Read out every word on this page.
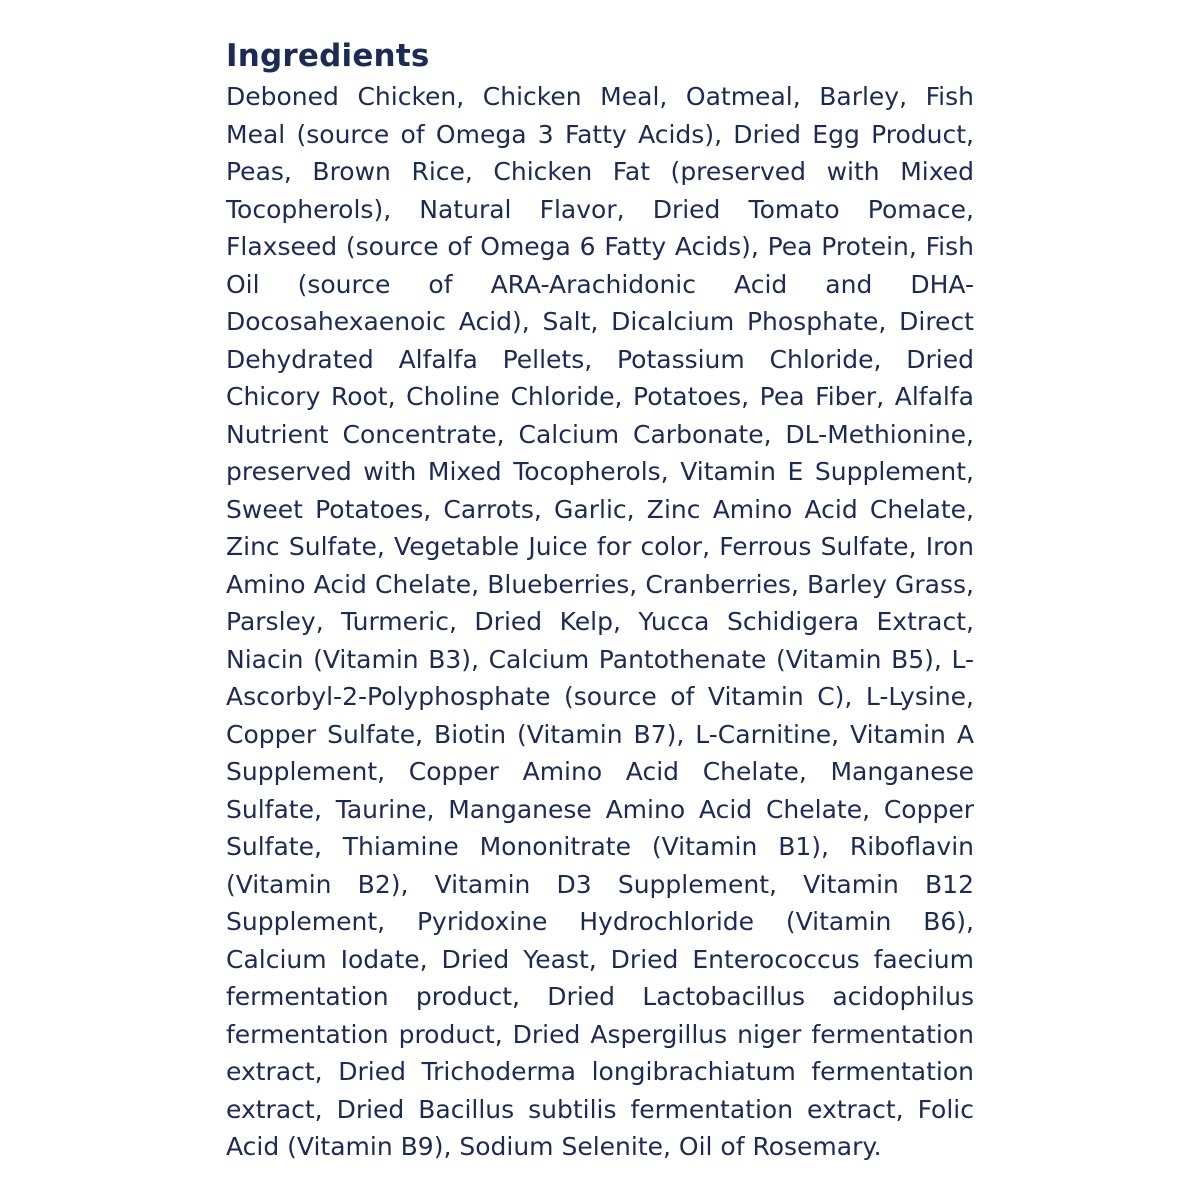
Ingredients

Deboned Chicken, Chicken Meal, Oatmeal, Barley, Fish Meal (source of Omega 3 Fatty Acids), Dried Egg Product, Peas, Brown Rice, Chicken Fat (preserved with Mixed Tocopherols), Natural Flavor, Dried Tomato Pomace, Flaxseed (source of Omega 6 Fatty Acids), Pea Protein, Fish Oil (source of ARA-Arachidonic Acid and DHA-Docosahexaenoic Acid), Salt, Dicalcium Phosphate, Direct Dehydrated Alfalfa Pellets, Potassium Chloride, Dried Chicory Root, Choline Chloride, Potatoes, Pea Fiber, Alfalfa Nutrient Concentrate, Calcium Carbonate, DL-Methionine, preserved with Mixed Tocopherols, Vitamin E Supplement, Sweet Potatoes, Carrots, Garlic, Zinc Amino Acid Chelate, Zinc Sulfate, Vegetable Juice for color, Ferrous Sulfate, Iron Amino Acid Chelate, Blueberries, Cranberries, Barley Grass, Parsley, Turmeric, Dried Kelp, Yucca Schidigera Extract, Niacin (Vitamin B3), Calcium Pantothenate (Vitamin B5), L-Ascorbyl-2-Polyphosphate (source of Vitamin C), L-Lysine, Copper Sulfate, Biotin (Vitamin B7), L-Carnitine, Vitamin A Supplement, Copper Amino Acid Chelate, Manganese Sulfate, Taurine, Manganese Amino Acid Chelate, Copper Sulfate, Thiamine Mononitrate (Vitamin B1), Riboflavin (Vitamin B2), Vitamin D3 Supplement, Vitamin B12 Supplement, Pyridoxine Hydrochloride (Vitamin B6), Calcium Iodate, Dried Yeast, Dried Enterococcus faecium fermentation product, Dried Lactobacillus acidophilus fermentation product, Dried Aspergillus niger fermentation extract, Dried Trichoderma longibrachiatum fermentation extract, Dried Bacillus subtilis fermentation extract, Folic Acid (Vitamin B9), Sodium Selenite, Oil of Rosemary.
